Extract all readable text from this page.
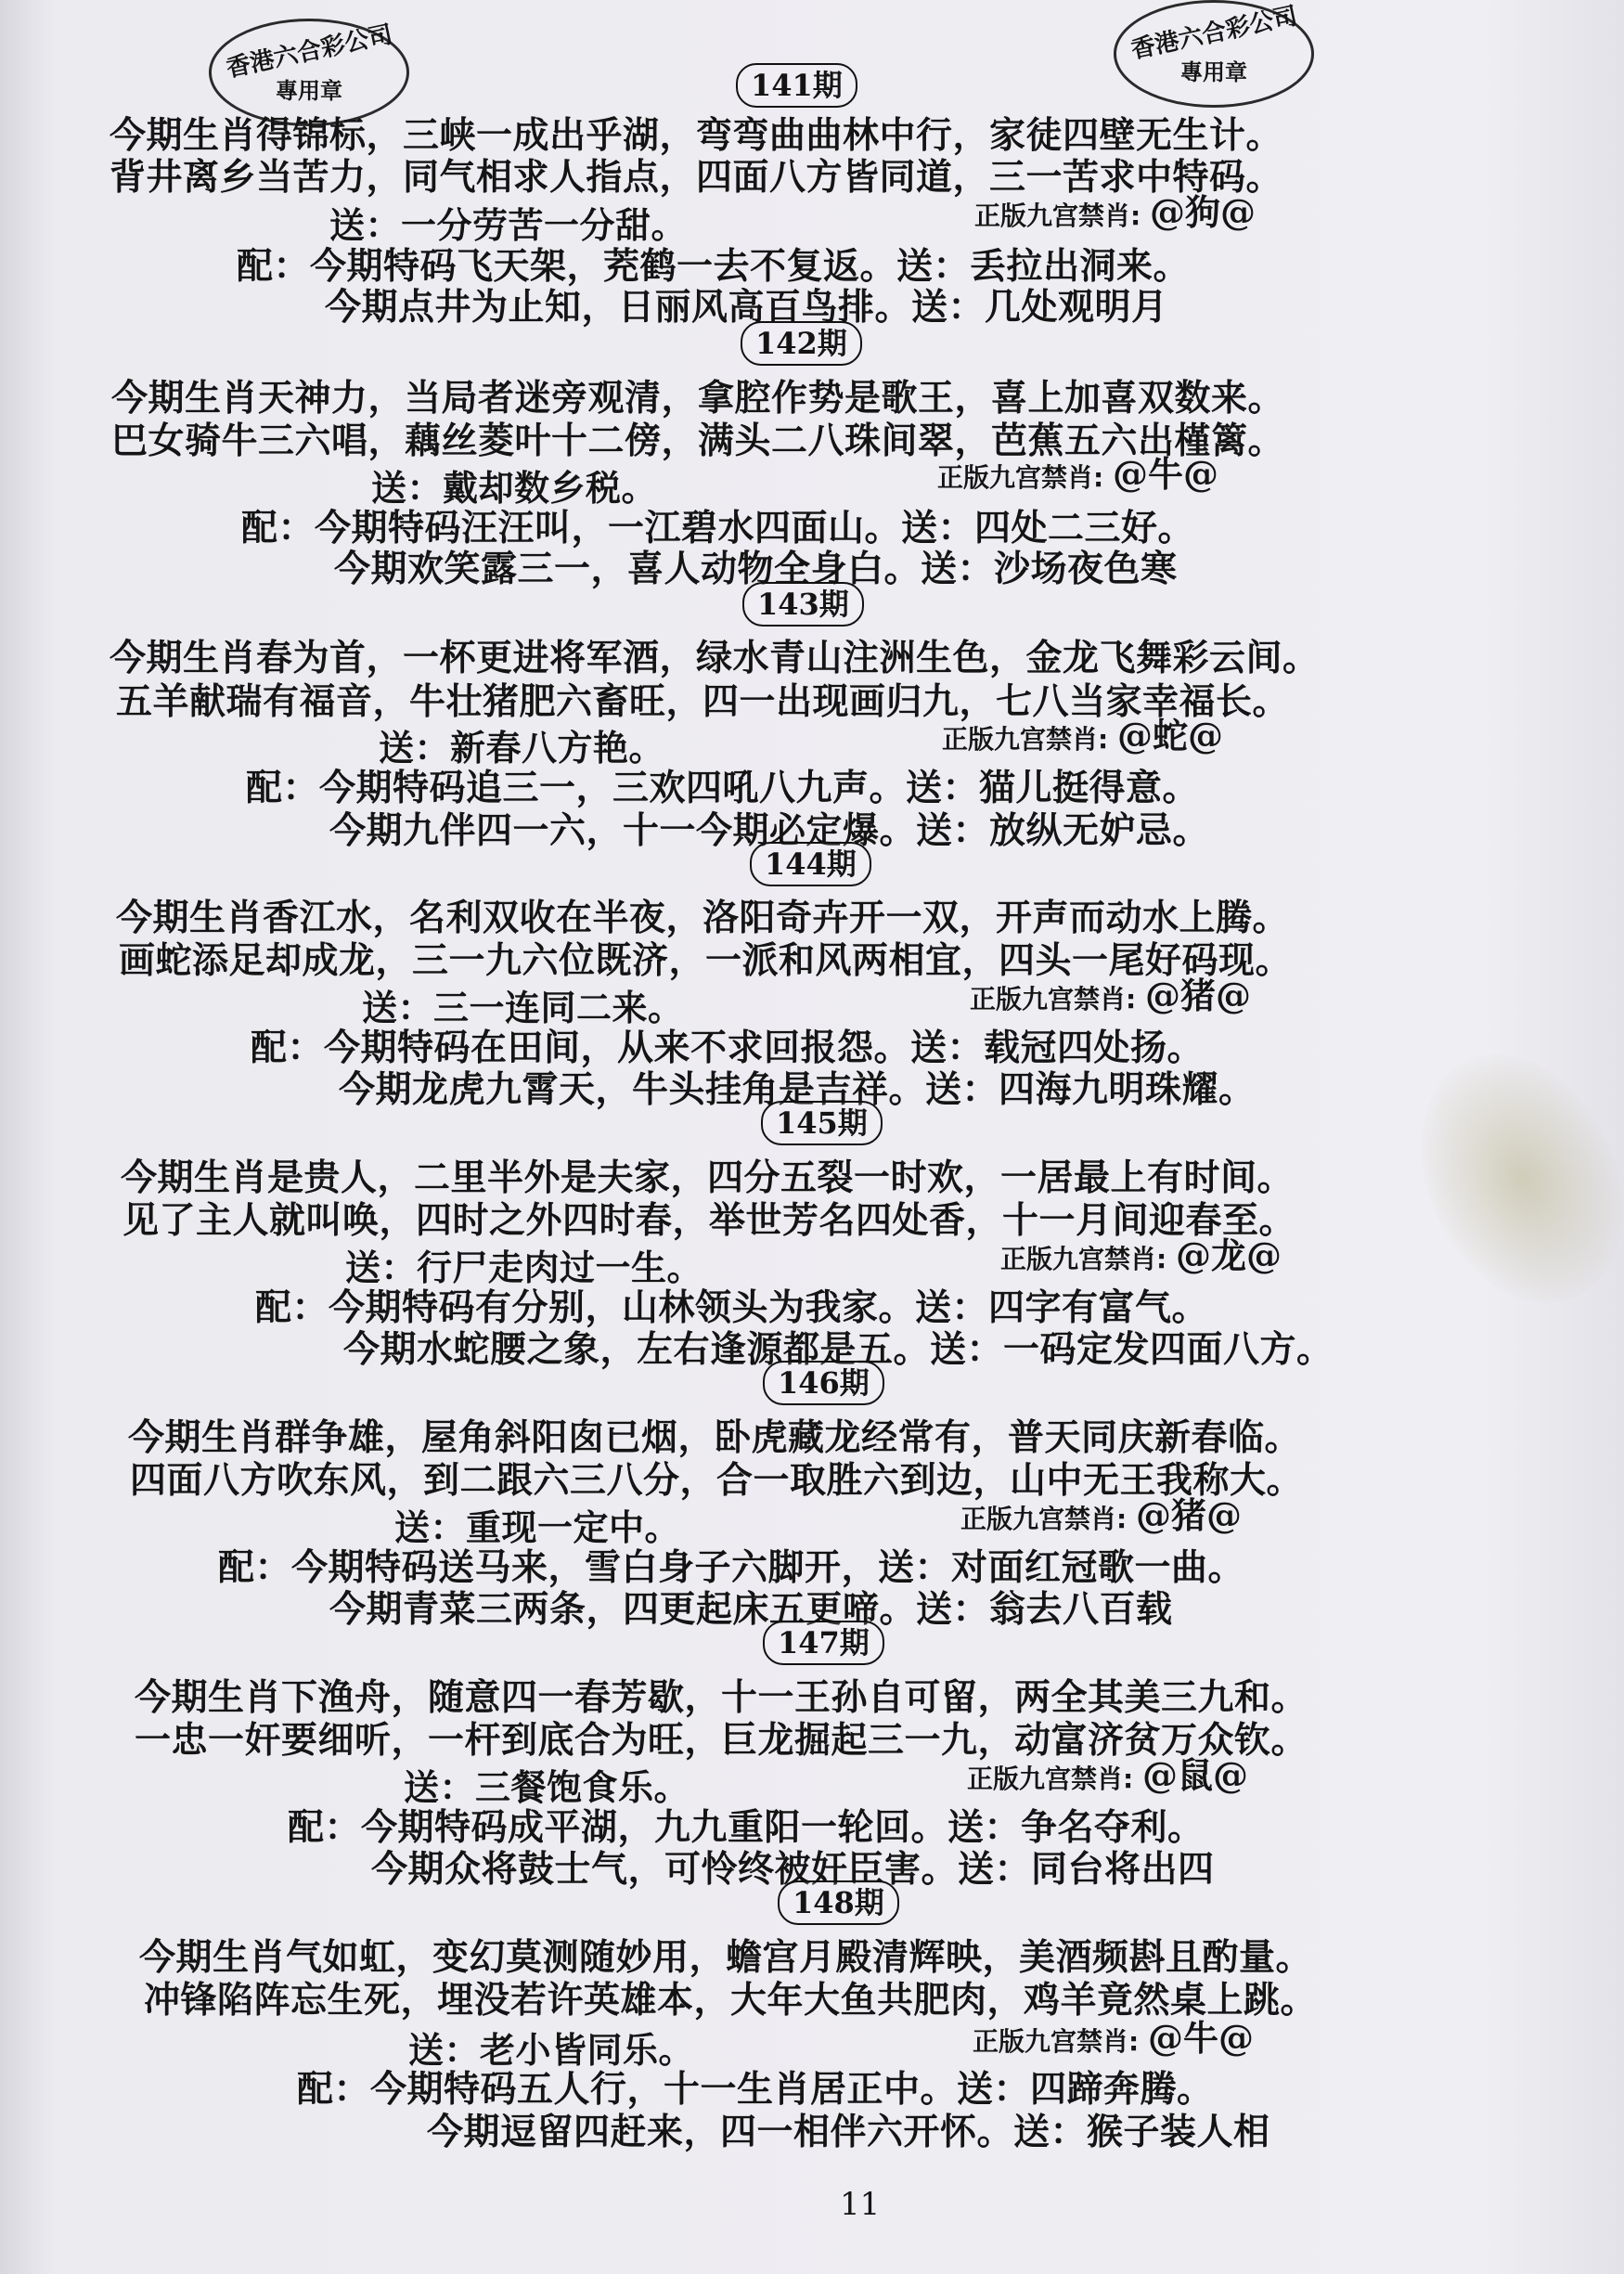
香港六合彩公司
專用章
香港六合彩公司
專用章
141期
今期生肖得锦标，三峡一成出乎湖，弯弯曲曲林中行，家徒四壁无生计。
背井离乡当苦力，同气相求人指点，四面八方皆同道，三一苦求中特码。
送：一分劳苦一分甜。	正版九宫禁肖: @狗@
配：今期特码飞天架，茺鹤一去不复返。送：丢拉出洞来。
今期点井为止知，日丽风高百鸟排。送：几处观明月
142期
今期生肖天神力，当局者迷旁观清，拿腔作势是歌王，喜上加喜双数来。
巴女骑牛三六唱，藕丝菱叶十二傍，满头二八珠间翠，芭蕉五六出槿篱。
送：戴却数乡税。	正版九宫禁肖: @牛@
配：今期特码汪汪叫，一江碧水四面山。送：四处二三好。
今期欢笑露三一，喜人动物全身白。送：沙场夜色寒
143期
今期生肖春为首，一杯更进将军酒，绿水青山注洲生色，金龙飞舞彩云间。
五羊献瑞有福音，牛壮猪肥六畜旺，四一出现画归九，七八当家幸福长。
送：新春八方艳。	正版九宫禁肖: @蛇@
配：今期特码追三一，三欢四吼八九声。送：猫儿挺得意。
今期九伴四一六，十一今期必定爆。送：放纵无妒忌。
144期
今期生肖香江水，名利双收在半夜，洛阳奇卉开一双，开声而动水上腾。
画蛇添足却成龙，三一九六位既济，一派和风两相宜，四头一尾好码现。
送：三一连同二来。	正版九宫禁肖: @猪@
配：今期特码在田间，从来不求回报怨。送：载冠四处扬。
今期龙虎九霄天，牛头挂角是吉祥。送：四海九明珠耀。
145期
今期生肖是贵人，二里半外是夫家，四分五裂一时欢，一居最上有时间。
见了主人就叫唤，四时之外四时春，举世芳名四处香，十一月间迎春至。
送：行尸走肉过一生。	正版九宫禁肖: @龙@
配：今期特码有分别，山林领头为我家。送：四字有富气。
今期水蛇腰之象，左右逢源都是五。送：一码定发四面八方。
146期
今期生肖群争雄，屋角斜阳囱已烟，卧虎藏龙经常有，普天同庆新春临。
四面八方吹东风，到二跟六三八分，合一取胜六到边，山中无王我称大。
送：重现一定中。	正版九宫禁肖: @猪@
配：今期特码送马来，雪白身子六脚开，送：对面红冠歌一曲。
今期青菜三两条，四更起床五更啼。送：翁去八百载
147期
今期生肖下渔舟，随意四一春芳歇，十一王孙自可留，两全其美三九和。
一忠一奸要细听，一杆到底合为旺，巨龙掘起三一九，动富济贫万众钦。
送：三餐饱食乐。	正版九宫禁肖: @鼠@
配：今期特码成平湖，九九重阳一轮回。送：争名夺利。
今期众将鼓士气，可怜终被奸臣害。送：同台将出四
148期
今期生肖气如虹，变幻莫测随妙用，蟾宫月殿清辉映，美酒频斟且酌量。
冲锋陷阵忘生死，埋没若许英雄本，大年大鱼共肥肉，鸡羊竟然桌上跳。
送：老小皆同乐。	正版九宫禁肖: @牛@
配：今期特码五人行，十一生肖居正中。送：四蹄奔腾。
今期逗留四赶来，四一相伴六开怀。送：猴子装人相
11
